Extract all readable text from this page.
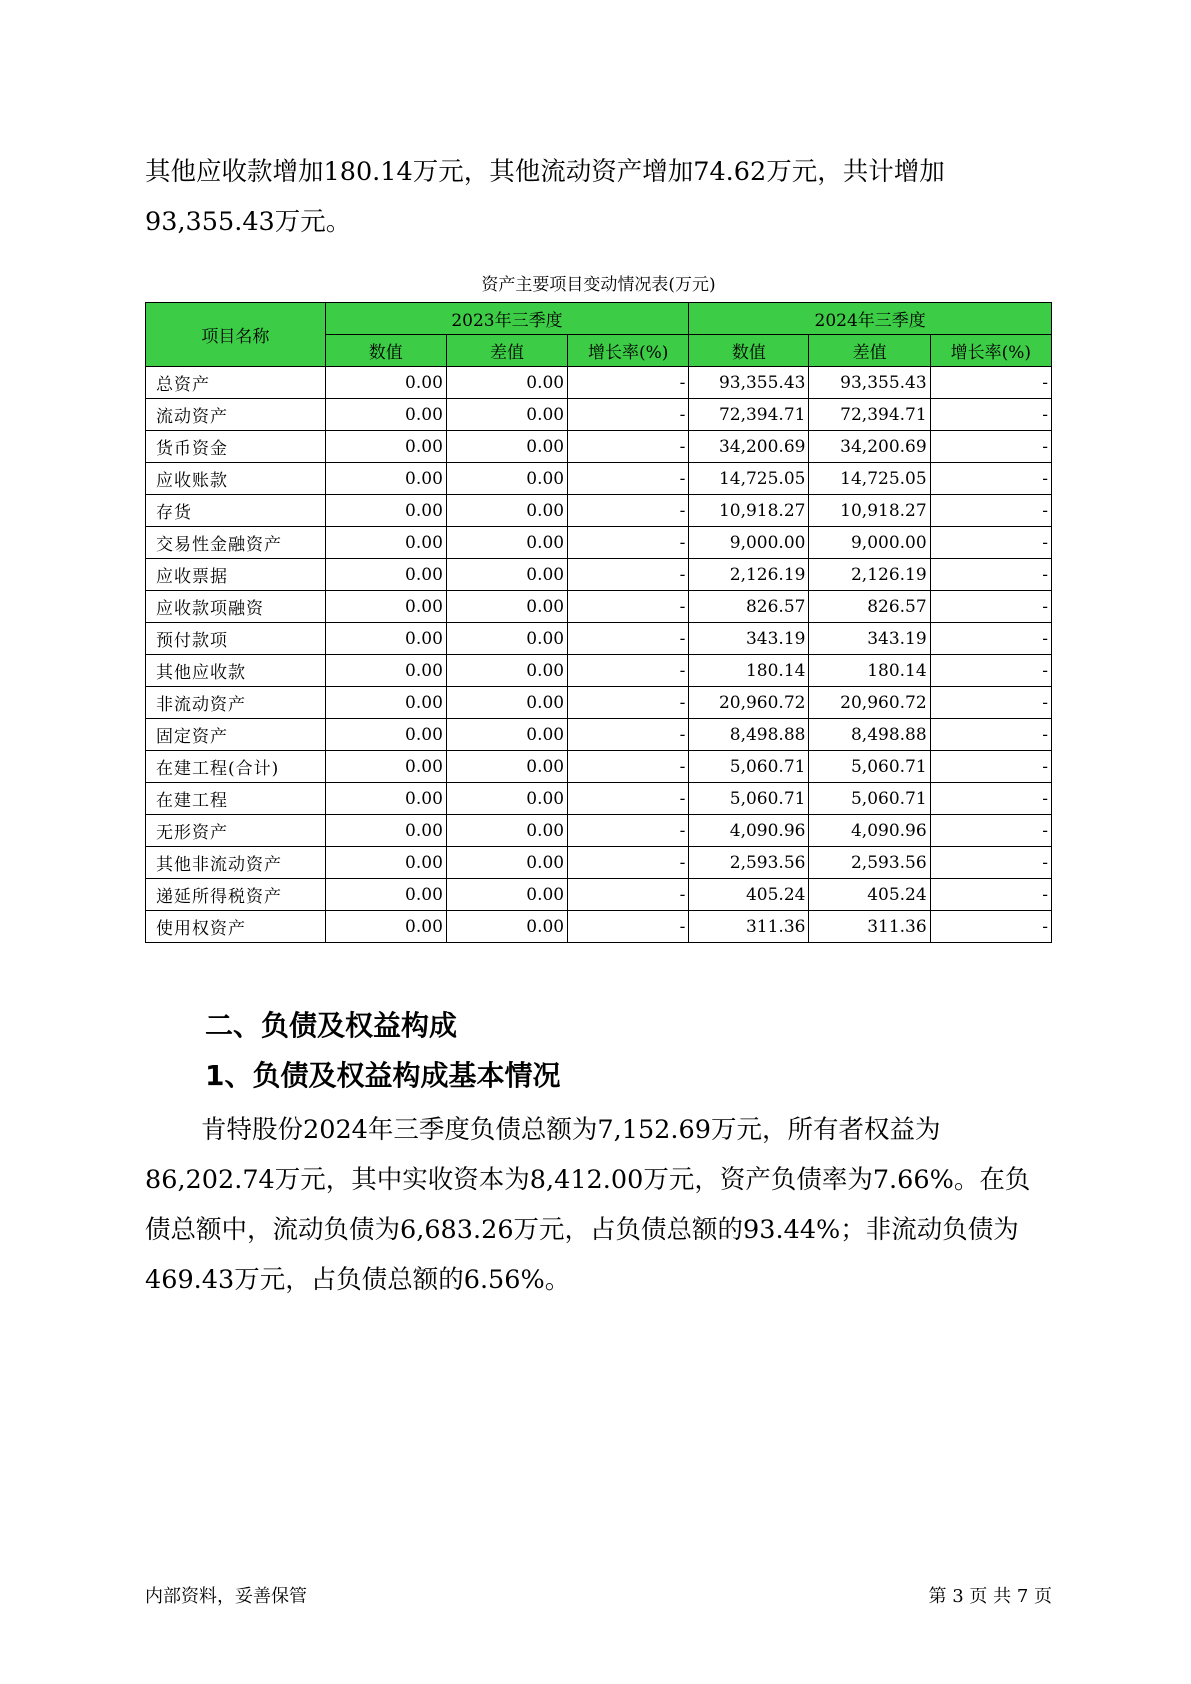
其他应收款增加180.14万元，其他流动资产增加74.62万元，共计增加93,355.43万元。

资产主要项目变动情况表(万元)
项目名称	2023年三季度			2024年三季度		
	数值	差值	增长率(%)	数值	差值	增长率(%)
总资产	0.00	0.00	-	93,355.43	93,355.43	-
流动资产	0.00	0.00	-	72,394.71	72,394.71	-
货币资金	0.00	0.00	-	34,200.69	34,200.69	-
应收账款	0.00	0.00	-	14,725.05	14,725.05	-
存货	0.00	0.00	-	10,918.27	10,918.27	-
交易性金融资产	0.00	0.00	-	9,000.00	9,000.00	-
应收票据	0.00	0.00	-	2,126.19	2,126.19	-
应收款项融资	0.00	0.00	-	826.57	826.57	-
预付款项	0.00	0.00	-	343.19	343.19	-
其他应收款	0.00	0.00	-	180.14	180.14	-
非流动资产	0.00	0.00	-	20,960.72	20,960.72	-
固定资产	0.00	0.00	-	8,498.88	8,498.88	-
在建工程(合计)	0.00	0.00	-	5,060.71	5,060.71	-
在建工程	0.00	0.00	-	5,060.71	5,060.71	-
无形资产	0.00	0.00	-	4,090.96	4,090.96	-
其他非流动资产	0.00	0.00	-	2,593.56	2,593.56	-
递延所得税资产	0.00	0.00	-	405.24	405.24	-
使用权资产	0.00	0.00	-	311.36	311.36	-
二、负债及权益构成
1、负债及权益构成基本情况

肯特股份2024年三季度负债总额为7,152.69万元，所有者权益为86,202.74万元，其中实收资本为8,412.00万元，资产负债率为7.66%。在负债总额中，流动负债为6,683.26万元，占负债总额的93.44%；非流动负债为469.43万元，占负债总额的6.56%。

内部资料，妥善保管	第 3 页 共 7 页
